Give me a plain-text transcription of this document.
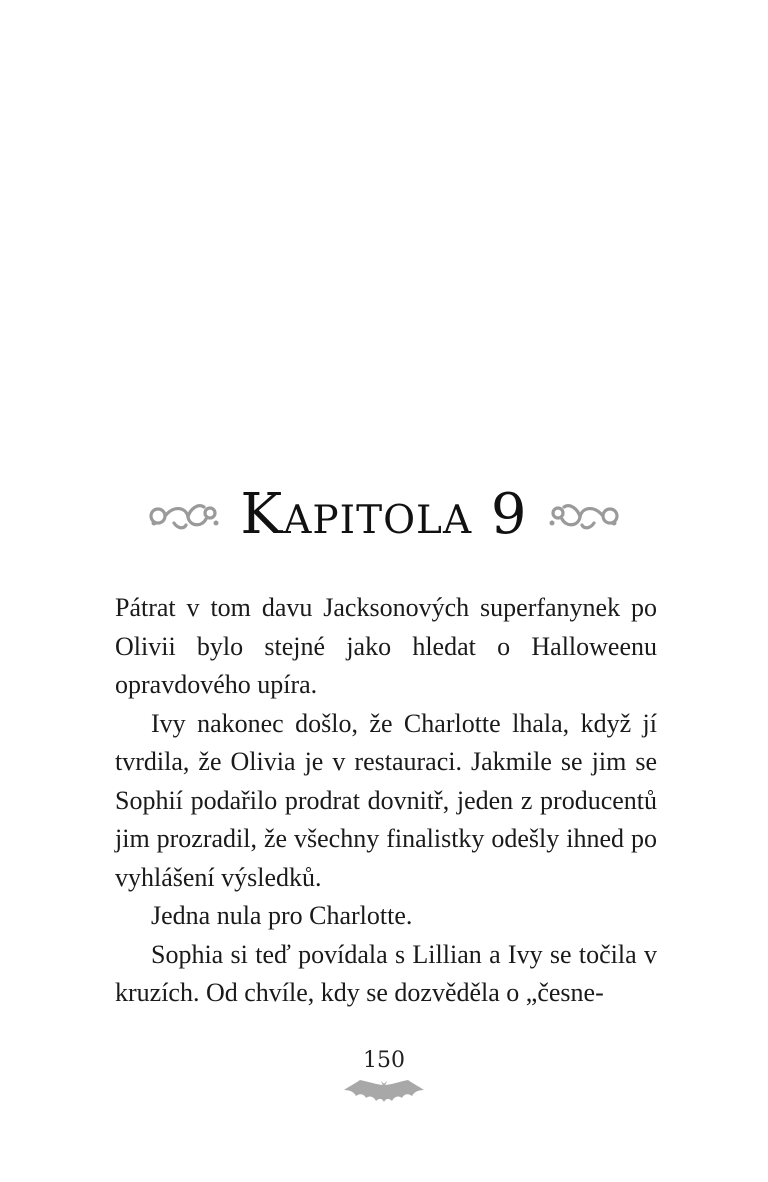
Kapitola 9

Pátrat v tom davu Jacksonových superfanynek po Olivii bylo stejné jako hledat o Halloweenu opravdového upíra.

Ivy nakonec došlo, že Charlotte lhala, když jí tvrdila, že Olivia je v restauraci. Jakmile se jim se Sophií podařilo prodrat dovnitř, jeden z producentů jim prozradil, že všechny finalistky odešly ihned po vyhlášení výsledků.

Jedna nula pro Charlotte.

Sophia si teď povídala s Lillian a Ivy se točila v kruzích. Od chvíle, kdy se dozvěděla o „česne-

150
